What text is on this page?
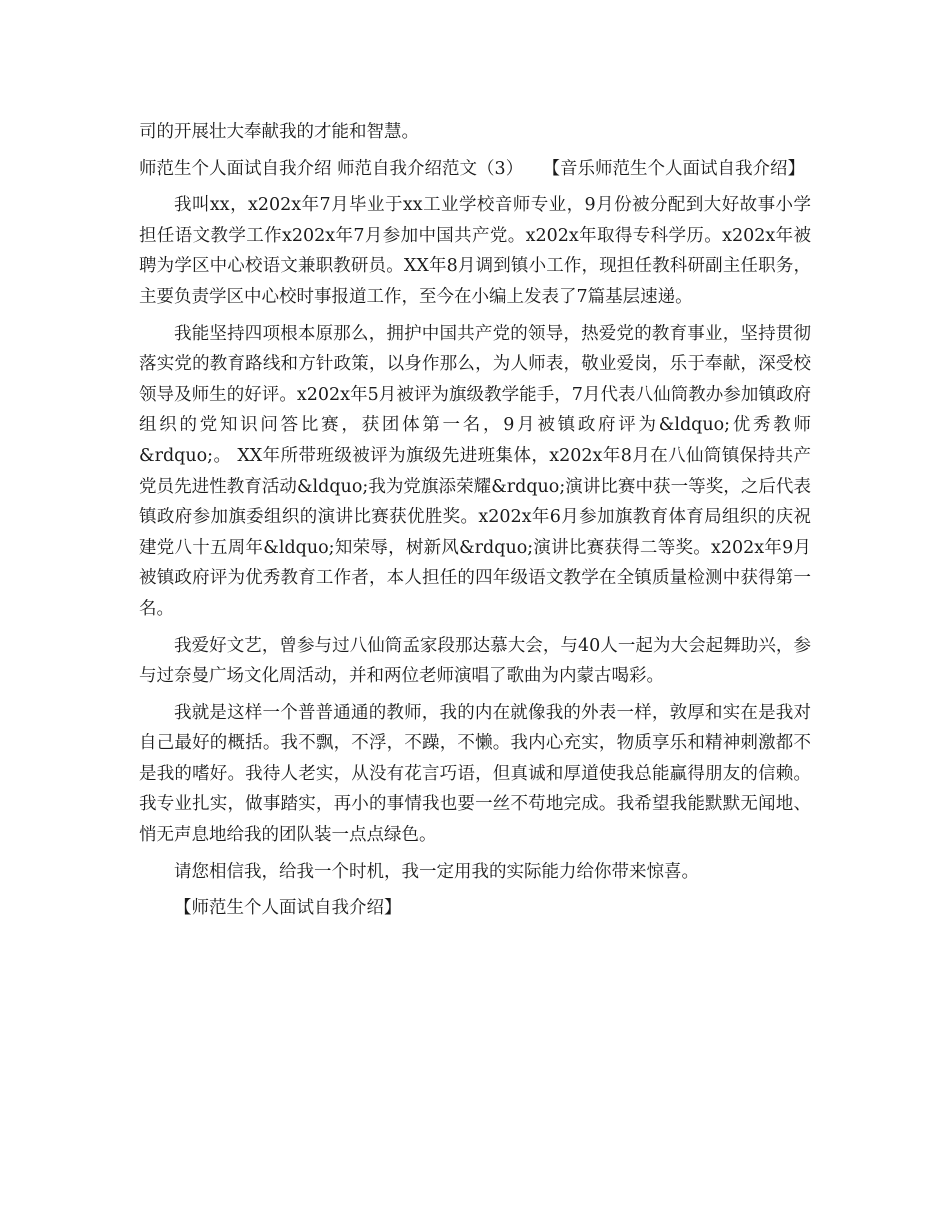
司的开展壮大奉献我的才能和智慧。

师范生个人面试自我介绍 师范自我介绍范文（3） 【音乐师范生个人面试自我介绍】

我叫xx，x202x年7月毕业于xx工业学校音师专业，9月份被分配到大好故事小学担任语文教学工作x202x年7月参加中国共产党。x202x年取得专科学历。x202x年被聘为学区中心校语文兼职教研员。XX年8月调到镇小工作，现担任教科研副主任职务，主要负责学区中心校时事报道工作，至今在小编上发表了7篇基层速递。

我能坚持四项根本原那么，拥护中国共产党的领导，热爱党的教育事业，坚持贯彻落实党的教育路线和方针政策，以身作那么，为人师表，敬业爱岗，乐于奉献，深受校领导及师生的好评。x202x年5月被评为旗级教学能手，7月代表八仙筒教办参加镇政府组织的党知识问答比赛，获团体第一名，9月被镇政府评为&ldquo;优秀教师&rdquo;。 XX年所带班级被评为旗级先进班集体，x202x年8月在八仙筒镇保持共产党员先进性教育活动&ldquo;我为党旗添荣耀&rdquo;演讲比赛中获一等奖，之后代表镇政府参加旗委组织的演讲比赛获优胜奖。x202x年6月参加旗教育体育局组织的庆祝建党八十五周年&ldquo;知荣辱，树新风&rdquo;演讲比赛获得二等奖。x202x年9月被镇政府评为优秀教育工作者，本人担任的四年级语文教学在全镇质量检测中获得第一名。

我爱好文艺，曾参与过八仙筒孟家段那达慕大会，与40人一起为大会起舞助兴，参与过奈曼广场文化周活动，并和两位老师演唱了歌曲为内蒙古喝彩。

我就是这样一个普普通通的教师，我的内在就像我的外表一样，敦厚和实在是我对自己最好的概括。我不飘，不浮，不躁，不懒。我内心充实，物质享乐和精神刺激都不是我的嗜好。我待人老实，从没有花言巧语，但真诚和厚道使我总能赢得朋友的信赖。我专业扎实，做事踏实，再小的事情我也要一丝不苟地完成。我希望我能默默无闻地、悄无声息地给我的团队装一点点绿色。

请您相信我，给我一个时机，我一定用我的实际能力给你带来惊喜。

【师范生个人面试自我介绍】
